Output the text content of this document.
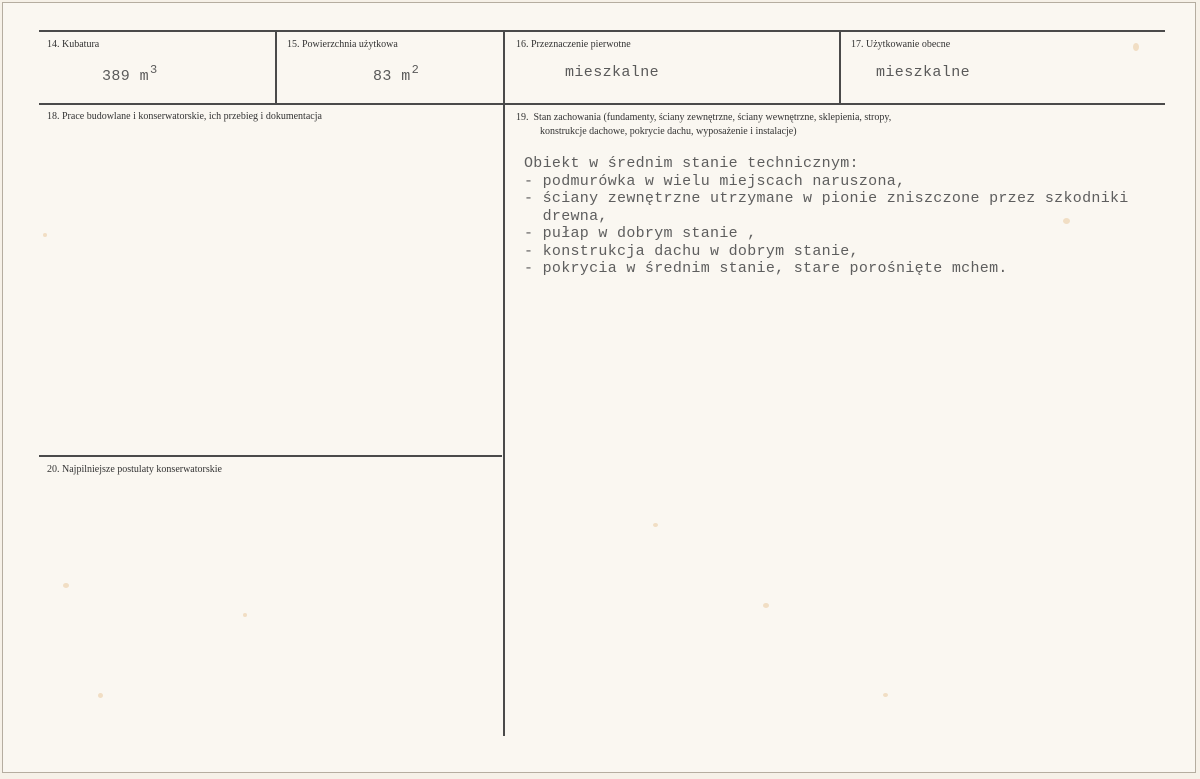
14. Kubatura
389 $m^3$
15. Powierzchnia użytkowa
83 $m^2$
16. Przeznaczenie pierwotne
mieszkalne
17. Użytkowanie obecne
mieszkalne
18. Prace budowlane i konserwatorskie, ich przebieg i dokumentacja	19.  Stan zachowania (fundamenty, ściany zewnętrzne, ściany wewnętrzne, sklepienia, stropy,
konstrukcje dachowe, pokrycie dachu, wyposażenie i instalacje)
Obiekt w średnim stanie technicznym:
- podmurówka w wielu miejscach naruszona,
- ściany zewnętrzne utrzymane w pionie zniszczone przez szkodniki
drewna,
- pułap w dobrym stanie ,
- konstrukcja dachu w dobrym stanie,
- pokrycia w średnim stanie, stare porośnięte mchem.
20. Najpilniejsze postulaty konserwatorskie
